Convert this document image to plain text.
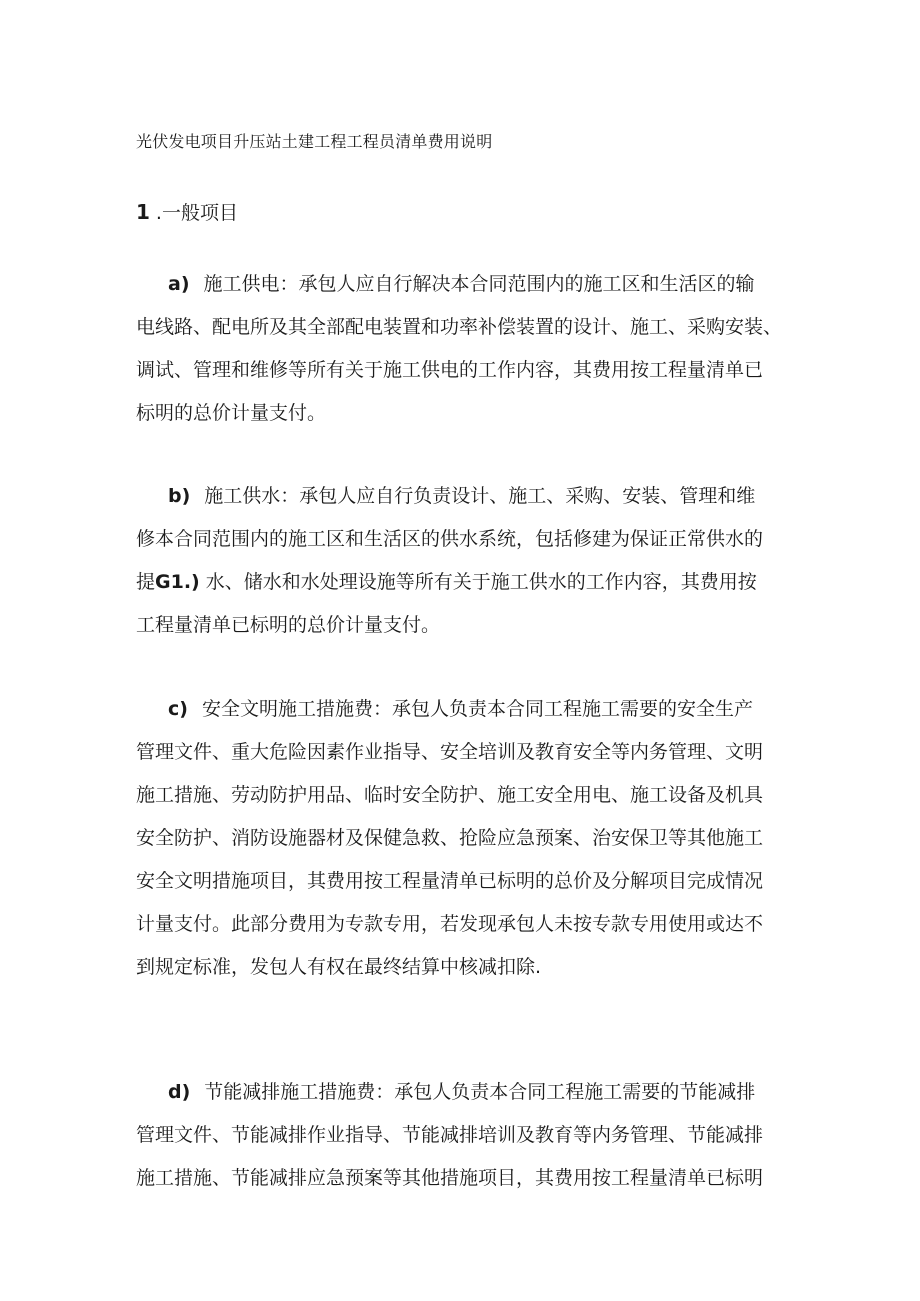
光伏发电项目升压站土建工程工程员清单费用说明
1 .一般项目
a) 施工供电：承包人应自行解决本合同范围内的施工区和生活区的输
电线路、配电所及其全部配电装置和功率补偿装置的设计、施工、采购安装、
调试、管理和维修等所有关于施工供电的工作内容，其费用按工程量清单已
标明的总价计量支付。
b) 施工供水：承包人应自行负责设计、施工、采购、安装、管理和维
修本合同范围内的施工区和生活区的供水系统，包括修建为保证正常供水的
提G1.) 水、储水和水处理设施等所有关于施工供水的工作内容，其费用按
工程量清单已标明的总价计量支付。
c) 安全文明施工措施费：承包人负责本合同工程施工需要的安全生产
管理文件、重大危险因素作业指导、安全培训及教育安全等内务管理、文明
施工措施、劳动防护用品、临时安全防护、施工安全用电、施工设备及机具
安全防护、消防设施器材及保健急救、抢险应急预案、治安保卫等其他施工
安全文明措施项目，其费用按工程量清单已标明的总价及分解项目完成情况
计量支付。此部分费用为专款专用，若发现承包人未按专款专用使用或达不
到规定标准，发包人有权在最终结算中核减扣除.
d) 节能减排施工措施费：承包人负责本合同工程施工需要的节能减排
管理文件、节能减排作业指导、节能减排培训及教育等内务管理、节能减排
施工措施、节能减排应急预案等其他措施项目，其费用按工程量清单已标明
